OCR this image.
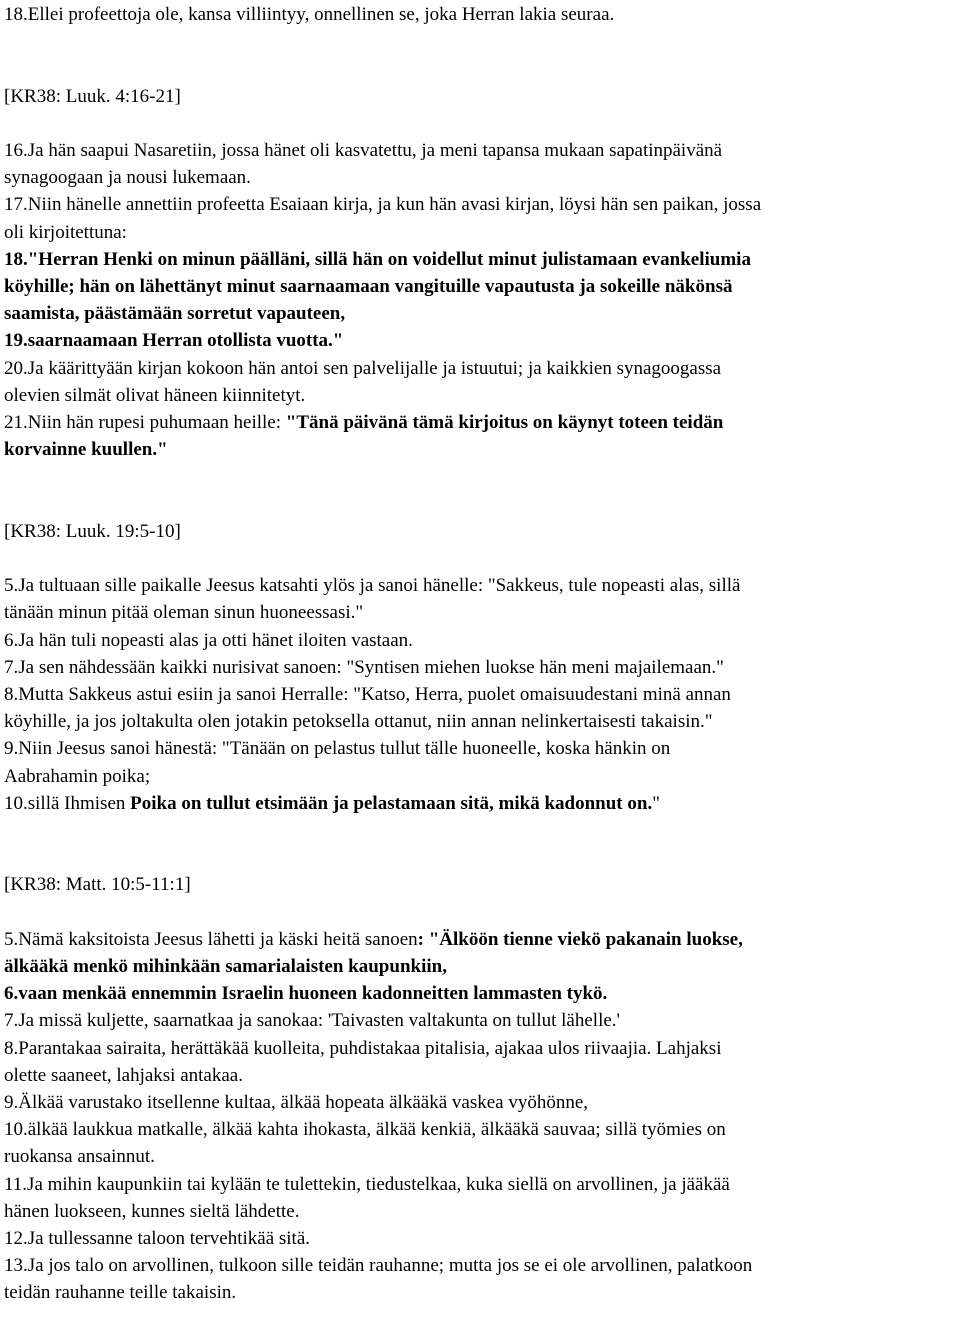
18.Ellei profeettoja ole, kansa villiintyy, onnellinen se, joka Herran lakia seuraa.

[KR38: Luuk. 4:16-21]

16.Ja hän saapui Nasaretiin, jossa hänet oli kasvatettu, ja meni tapansa mukaan sapatinpäivänä

synagoogaan ja nousi lukemaan.

17.Niin hänelle annettiin profeetta Esaiaan kirja, ja kun hän avasi kirjan, löysi hän sen paikan, jossa

oli kirjoitettuna:

18."Herran Henki on minun päälläni, sillä hän on voidellut minut julistamaan evankeliumia

köyhille; hän on lähettänyt minut saarnaamaan vangituille vapautusta ja sokeille näkönsä

saamista, päästämään sorretut vapauteen,

19.saarnaamaan Herran otollista vuotta."

20.Ja käärittyään kirjan kokoon hän antoi sen palvelijalle ja istuutui; ja kaikkien synagoogassa

olevien silmät olivat häneen kiinnitetyt.

21.Niin hän rupesi puhumaan heille: "Tänä päivänä tämä kirjoitus on käynyt toteen teidän

korvainne kuullen."

[KR38: Luuk. 19:5-10]

5.Ja tultuaan sille paikalle Jeesus katsahti ylös ja sanoi hänelle: "Sakkeus, tule nopeasti alas, sillä

tänään minun pitää oleman sinun huoneessasi."

6.Ja hän tuli nopeasti alas ja otti hänet iloiten vastaan.

7.Ja sen nähdessään kaikki nurisivat sanoen: "Syntisen miehen luokse hän meni majailemaan."

8.Mutta Sakkeus astui esiin ja sanoi Herralle: "Katso, Herra, puolet omaisuudestani minä annan

köyhille, ja jos joltakulta olen jotakin petoksella ottanut, niin annan nelinkertaisesti takaisin."

9.Niin Jeesus sanoi hänestä: "Tänään on pelastus tullut tälle huoneelle, koska hänkin on

Aabrahamin poika;

10.sillä Ihmisen Poika on tullut etsimään ja pelastamaan sitä, mikä kadonnut on."

[KR38: Matt. 10:5-11:1]

5.Nämä kaksitoista Jeesus lähetti ja käski heitä sanoen: "Älköön tienne viekö pakanain luokse,

älkääkä menkö mihinkään samarialaisten kaupunkiin,

6.vaan menkää ennemmin Israelin huoneen kadonneitten lammasten tykö.

7.Ja missä kuljette, saarnatkaa ja sanokaa: 'Taivasten valtakunta on tullut lähelle.'

8.Parantakaa sairaita, herättäkää kuolleita, puhdistakaa pitalisia, ajakaa ulos riivaajia. Lahjaksi

olette saaneet, lahjaksi antakaa.

9.Älkää varustako itsellenne kultaa, älkää hopeata älkääkä vaskea vyöhönne,

10.älkää laukkua matkalle, älkää kahta ihokasta, älkää kenkiä, älkääkä sauvaa; sillä työmies on

ruokansa ansainnut.

11.Ja mihin kaupunkiin tai kylään te tulettekin, tiedustelkaa, kuka siellä on arvollinen, ja jääkää

hänen luokseen, kunnes sieltä lähdette.

12.Ja tullessanne taloon tervehtikää sitä.

13.Ja jos talo on arvollinen, tulkoon sille teidän rauhanne; mutta jos se ei ole arvollinen, palatkoon

teidän rauhanne teille takaisin.
